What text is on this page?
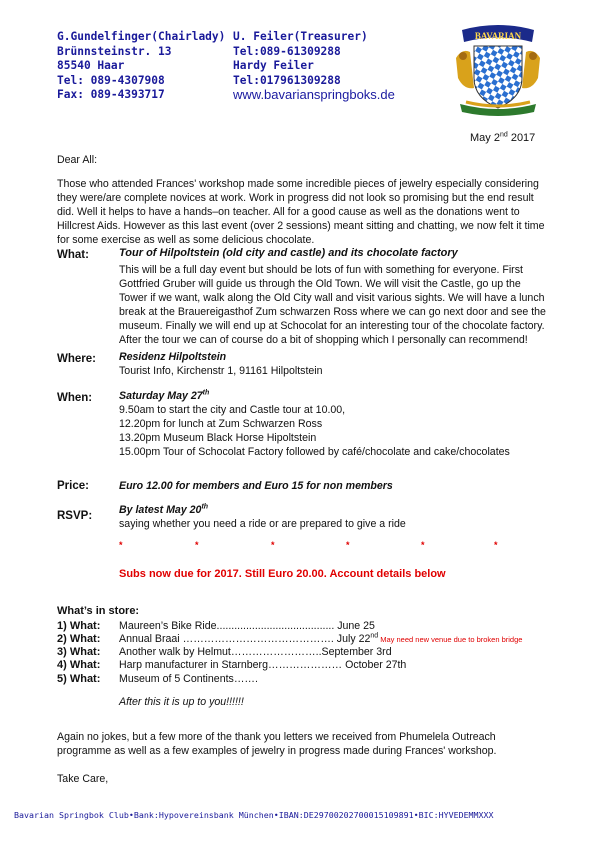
G.Gundelfinger(Chairlady)
Brünnsteinstr. 13
85540 Haar
Tel: 089-4307908
Fax: 089-4393717
U. Feiler(Treasurer)
Tel:089-61309288
Hardy Feiler
Tel:017961309288
www.bavarianspringboks.de
BAVARIAN
May 2nd 2017
Dear All:
Those who attended Frances' workshop made some incredible pieces of jewelry especially considering they were/are complete novices at work. Work in progress did not look so promising but the end result did. Well it helps to have a hands–on teacher. All for a good cause as well as the donations went to Hillcrest Aids. However as this last event (over 2 sessions) meant sitting and chatting, we now felt it time for some exercise as well as some delicious chocolate.
What:	Tour of Hilpoltstein (old city and castle) and its chocolate factory
This will be a full day event but should be lots of fun with something for everyone. First Gottfried Gruber will guide us through the Old Town. We will visit the Castle, go up the Tower if we want, walk along the Old City wall and visit various sights. We will have a lunch break at the Brauereigasthof Zum schwarzen Ross where we can go next door and see the museum. Finally we will end up at Schocolat for an interesting tour of the chocolate factory. After the tour we can of course do a bit of shopping which I personally can recommend!
Where: Residenz Hilpoltstein
Tourist Info, Kirchenstr 1, 91161 Hilpoltstein
When:	Saturday May 27th
9.50am to start the city and Castle tour at 10.00,
12.20pm for lunch at Zum Schwarzen Ross
13.20pm Museum Black Horse Hipoltstein
15.00pm Tour of Schocolat Factory followed by café/chocolate and cake/chocolates
Price:	Euro 12.00 for members and Euro 15 for non members
RSVP:	By latest May 20th
saying whether you need a ride or are prepared to give a ride
*	*	*	*	*	*
Subs now due for 2017. Still Euro 20.00. Account details below
What’s in store:
1) What: Maureen’s Bike Ride........................................ June 25
2) What: Annual Braai ……………………………………. July 22nd May need new venue due to broken bridge
3) What: Another walk by Helmut……………………..September 3rd
4) What: Harp manufacturer in Starnberg………………… October 27th
5) What: Museum of 5 Continents…….
After this it is up to you!!!!!!
Again no jokes, but a few more of the thank you letters we received from Phumelela Outreach programme as well as a few examples of jewelry in progress made during Frances' workshop.
Take Care,
Bavarian Springbok Club•Bank:Hypovereinsbank München•IBAN:DE29700202700015109891•BIC:HYVEDEMMXXX
